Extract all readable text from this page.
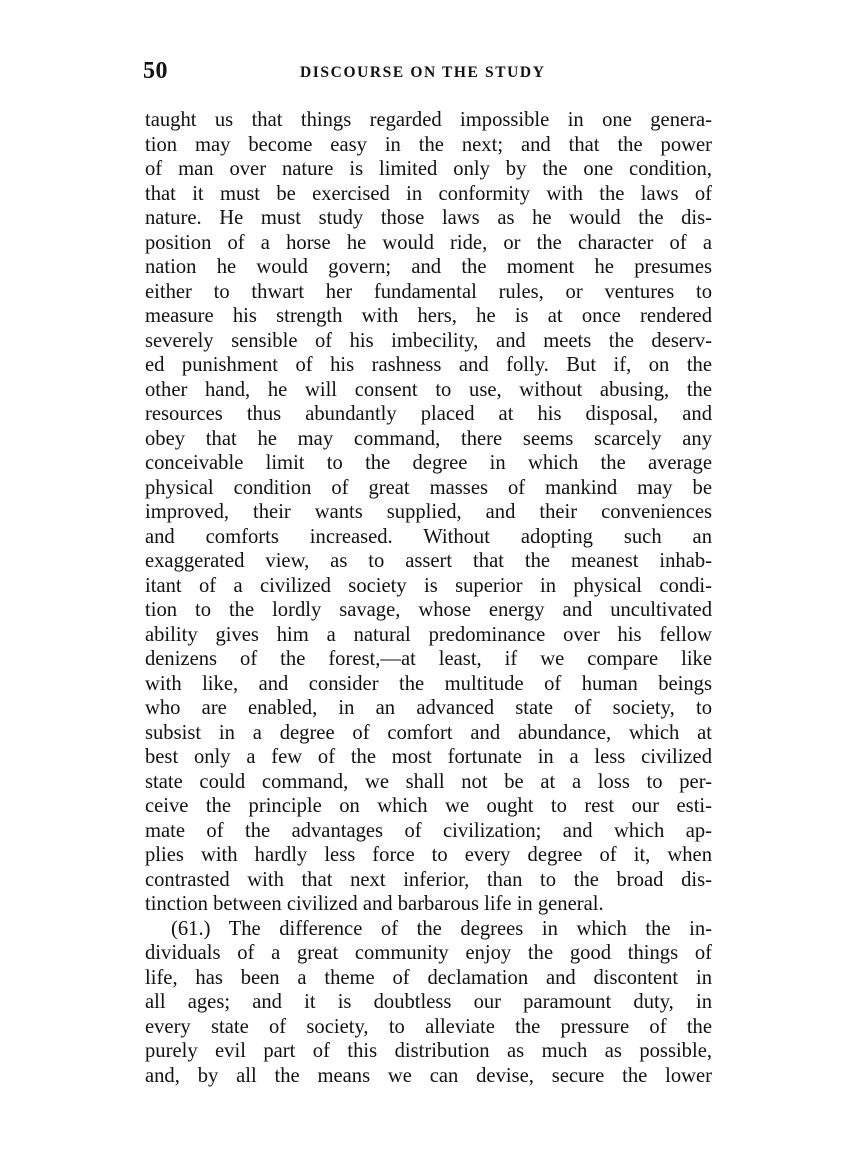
50	DISCOURSE ON THE STUDY
taught us that things regarded impossible in one genera-
tion may become easy in the next; and that the power
of man over nature is limited only by the one condition,
that it must be exercised in conformity with the laws of
nature. He must study those laws as he would the dis-
position of a horse he would ride, or the character of a
nation he would govern; and the moment he presumes
either to thwart her fundamental rules, or ventures to
measure his strength with hers, he is at once rendered
severely sensible of his imbecility, and meets the deserv-
ed punishment of his rashness and folly. But if, on the
other hand, he will consent to use, without abusing, the
resources thus abundantly placed at his disposal, and
obey that he may command, there seems scarcely any
conceivable limit to the degree in which the average
physical condition of great masses of mankind may be
improved, their wants supplied, and their conveniences
and comforts increased. Without adopting such an
exaggerated view, as to assert that the meanest inhab-
itant of a civilized society is superior in physical condi-
tion to the lordly savage, whose energy and uncultivated
ability gives him a natural predominance over his fellow
denizens of the forest,—at least, if we compare like
with like, and consider the multitude of human beings
who are enabled, in an advanced state of society, to
subsist in a degree of comfort and abundance, which at
best only a few of the most fortunate in a less civilized
state could command, we shall not be at a loss to per-
ceive the principle on which we ought to rest our esti-
mate of the advantages of civilization; and which ap-
plies with hardly less force to every degree of it, when
contrasted with that next inferior, than to the broad dis-
tinction between civilized and barbarous life in general.
(61.) The difference of the degrees in which the in-
dividuals of a great community enjoy the good things of
life, has been a theme of declamation and discontent in
all ages; and it is doubtless our paramount duty, in
every state of society, to alleviate the pressure of the
purely evil part of this distribution as much as possible,
and, by all the means we can devise, secure the lower
